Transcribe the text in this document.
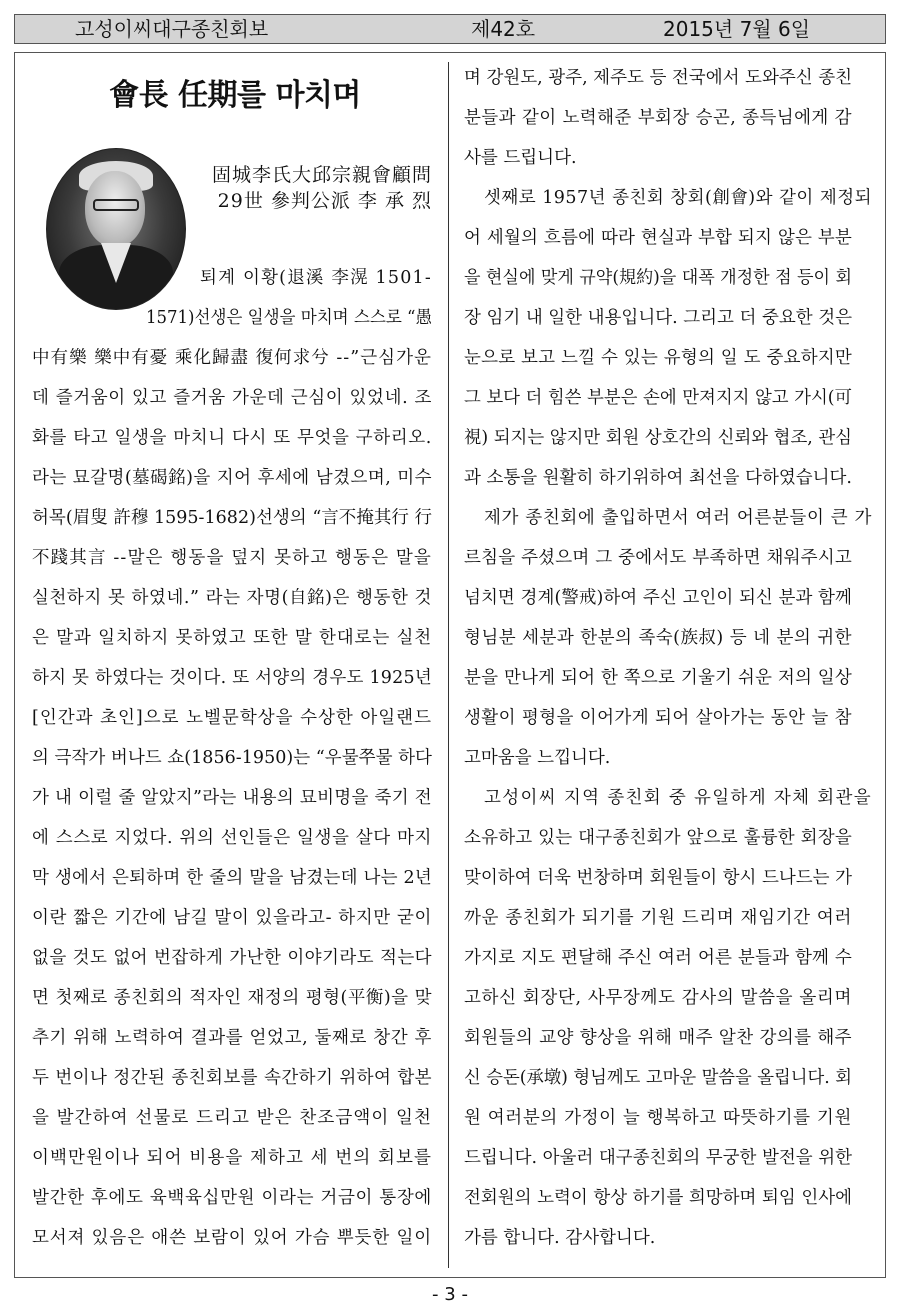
고성이씨대구종친회보	제42호	2015년 7월 6일
會長 任期를 마치며
固城李氏大邱宗親會顧問
29世 參判公派 李 承 烈
퇴계 이황(退溪 李滉 1501-
1571)선생은 일생을 마치며 스스로 “愚
中有樂 樂中有憂 乘化歸盡 復何求兮 --”근심가운
데 즐거움이 있고 즐거움 가운데 근심이 있었네. 조
화를 타고 일생을 마치니 다시 또 무엇을 구하리오.
라는 묘갈명(墓碣銘)을 지어 후세에 남겼으며, 미수
허목(眉叟 許穆 1595-1682)선생의 “言不掩其行 行
不踐其言 --말은 행동을 덮지 못하고 행동은 말을
실천하지 못 하였네.” 라는 자명(自銘)은 행동한 것
은 말과 일치하지 못하였고 또한 말 한대로는 실천
하지 못 하였다는 것이다. 또 서양의 경우도 1925년
[인간과 초인]으로 노벨문학상을 수상한 아일랜드
의 극작가 버나드 쇼(1856-1950)는 “우물쭈물 하다
가 내 이럴 줄 알았지”라는 내용의 묘비명을 죽기 전
에 스스로 지었다. 위의 선인들은 일생을 살다 마지
막 생에서 은퇴하며 한 줄의 말을 남겼는데 나는 2년
이란 짧은 기간에 남길 말이 있을라고- 하지만 굳이
없을 것도 없어 번잡하게 가난한 이야기라도 적는다
면 첫째로 종친회의 적자인 재정의 평형(平衡)을 맞
추기 위해 노력하여 결과를 얻었고, 둘째로 창간 후
두 번이나 정간된 종친회보를 속간하기 위하여 합본
을 발간하여 선물로 드리고 받은 찬조금액이 일천
이백만원이나 되어 비용을 제하고 세 번의 회보를
발간한 후에도 육백육십만원 이라는 거금이 통장에
모서져 있음은 애쓴 보람이 있어 가슴 뿌듯한 일이
며 강원도, 광주, 제주도 등 전국에서 도와주신 종친
분들과 같이 노력해준 부회장 승곤, 종득님에게 감
사를 드립니다.
셋째로 1957년 종친회 창회(創會)와 같이 제정되
어 세월의 흐름에 따라 현실과 부합 되지 않은 부분
을 현실에 맞게 규약(規約)을 대폭 개정한 점 등이 회
장 임기 내 일한 내용입니다. 그리고 더 중요한 것은
눈으로 보고 느낄 수 있는 유형의 일 도 중요하지만
그 보다 더 힘쓴 부분은 손에 만져지지 않고 가시(可
視) 되지는 않지만 회원 상호간의 신뢰와 협조, 관심
과 소통을 원활히 하기위하여 최선을 다하였습니다.
제가 종친회에 출입하면서 여러 어른분들이 큰 가
르침을 주셨으며 그 중에서도 부족하면 채워주시고
넘치면 경계(警戒)하여 주신 고인이 되신 분과 함께
형님분 세분과 한분의 족숙(族叔) 등 네 분의 귀한
분을 만나게 되어 한 쪽으로 기울기 쉬운 저의 일상
생활이 평형을 이어가게 되어 살아가는 동안 늘 참
고마움을 느낍니다.
고성이씨 지역 종친회 중 유일하게 자체 회관을
소유하고 있는 대구종친회가 앞으로 훌륭한 회장을
맞이하여 더욱 번창하며 회원들이 항시 드나드는 가
까운 종친회가 되기를 기원 드리며 재임기간 여러
가지로 지도 편달해 주신 여러 어른 분들과 함께 수
고하신 회장단, 사무장께도 감사의 말씀을 올리며
회원들의 교양 향상을 위해 매주 알찬 강의를 해주
신 승돈(承墩) 형님께도 고마운 말씀을 올립니다. 회
원 여러분의 가정이 늘 행복하고 따뜻하기를 기원
드립니다. 아울러 대구종친회의 무궁한 발전을 위한
전회원의 노력이 항상 하기를 희망하며 퇴임 인사에
가름 합니다. 감사합니다.
- 3 -
